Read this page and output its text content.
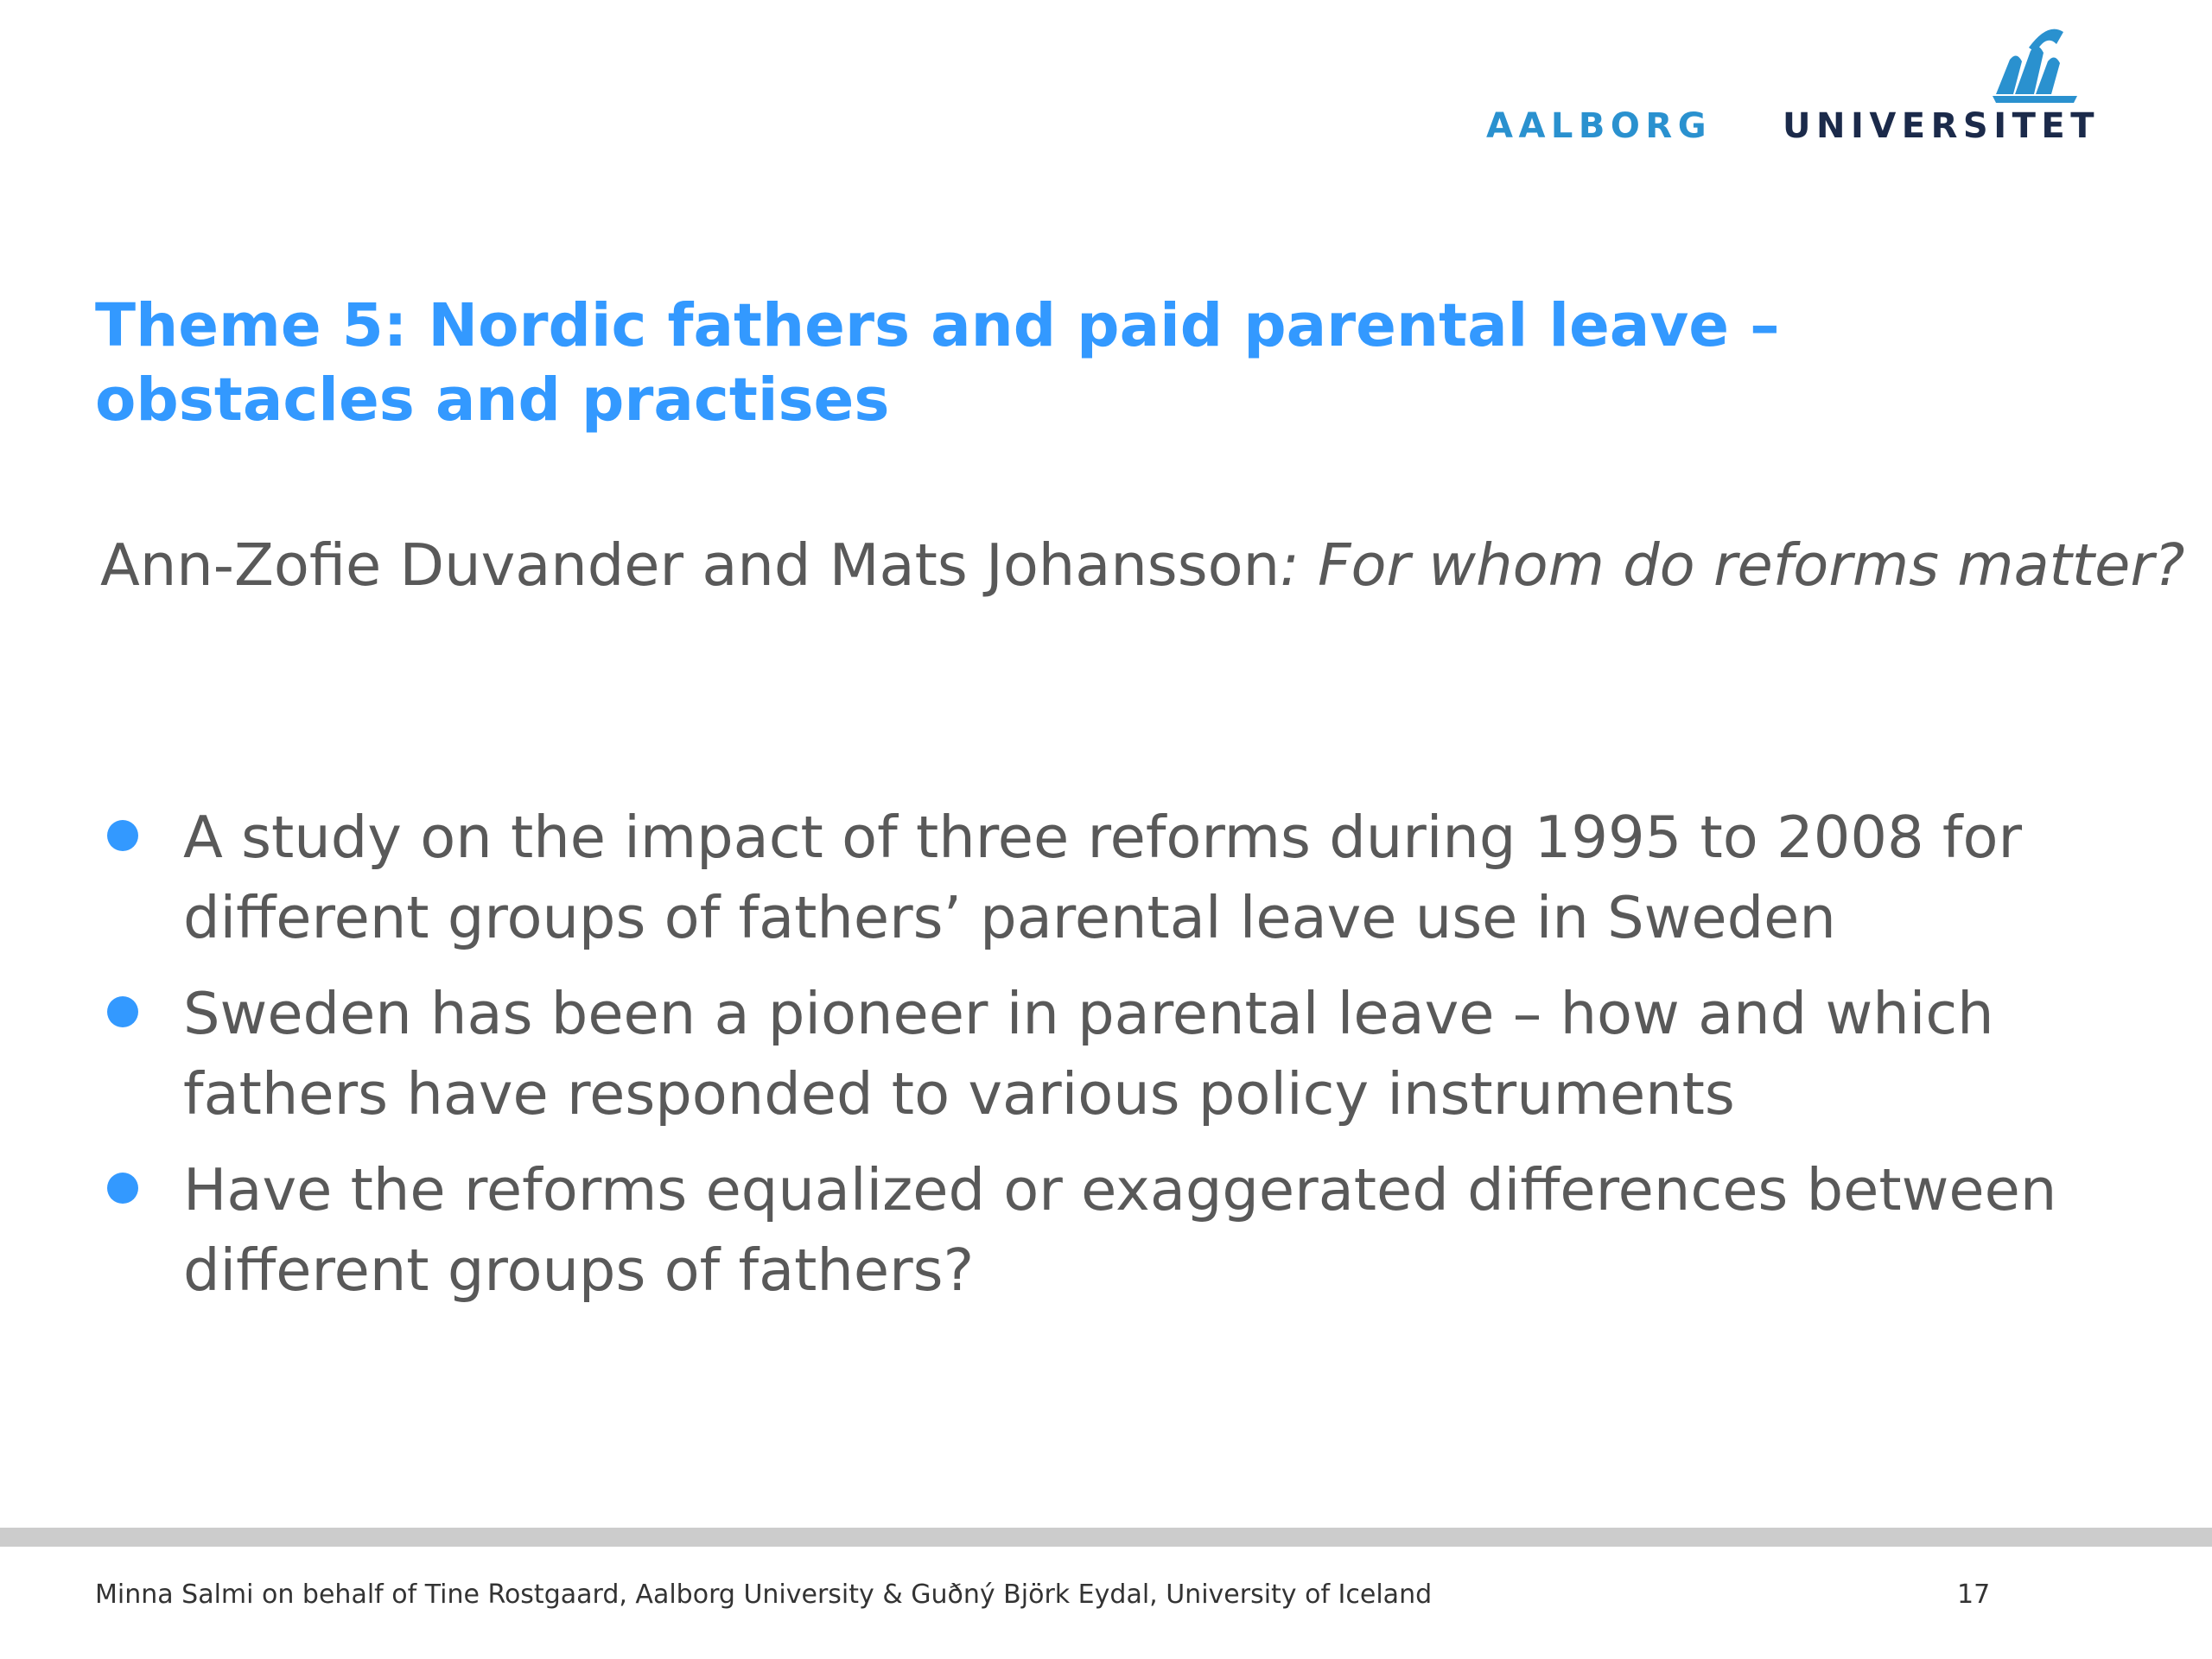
AALBORG UNIVERSITET
Theme 5: Nordic fathers and paid parental leave – obstacles and practises

Ann-Zofie Duvander and Mats Johansson: For whom do reforms matter?

A study on the impact of three reforms during 1995 to 2008 for different groups of fathers’ parental leave use in Sweden
Sweden has been a pioneer in parental leave – how and which fathers have responded to various policy instruments
Have the reforms equalized or exaggerated differences between different groups of fathers?
Minna Salmi on behalf of Tine Rostgaard, Aalborg University & Guðný Björk Eydal, University of Iceland	17
